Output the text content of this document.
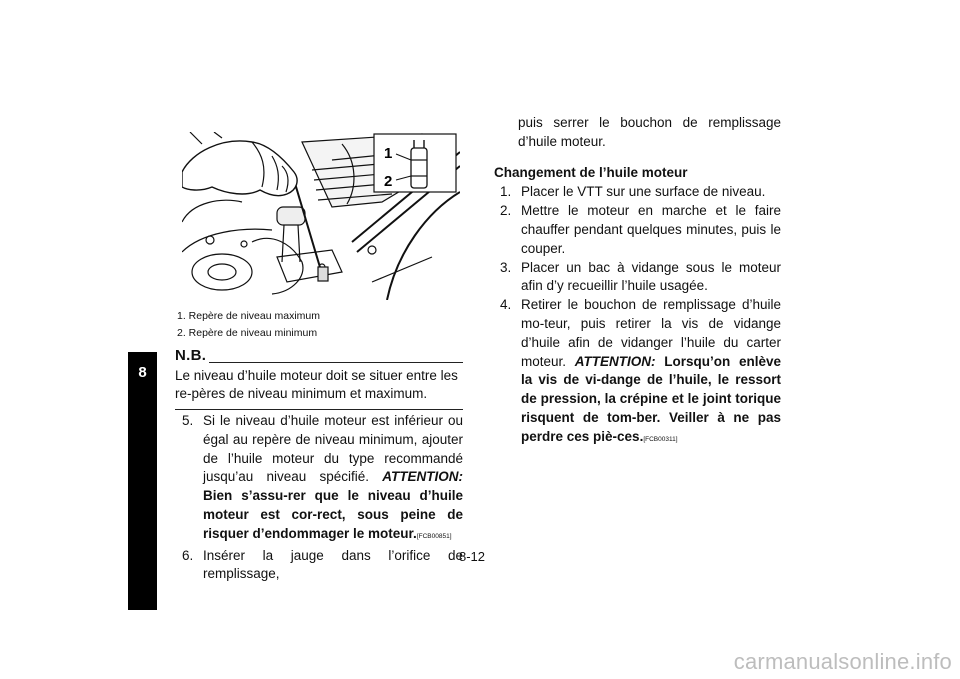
8
1
2
1. Repère de niveau maximum
2. Repère de niveau minimum
N.B.
Le niveau d’huile moteur doit se situer entre les re-pères de niveau minimum et maximum.
5. Si le niveau d’huile moteur est inférieur ou égal au repère de niveau minimum, ajouter de l’huile moteur du type recommandé jusqu’au niveau spécifié. ATTENTION: Bien s’assu-rer que le niveau d’huile moteur est cor-rect, sous peine de risquer d’endommager le moteur.[FCB00851]
6. Insérer la jauge dans l’orifice de remplissage,
puis serrer le bouchon de remplissage d’huile moteur.
Changement de l’huile moteur
1. Placer le VTT sur une surface de niveau.
2. Mettre le moteur en marche et le faire chauffer pendant quelques minutes, puis le couper.
3. Placer un bac à vidange sous le moteur afin d’y recueillir l’huile usagée.
4. Retirer le bouchon de remplissage d’huile mo-teur, puis retirer la vis de vidange d’huile afin de vidanger l’huile du carter moteur. ATTENTION: Lorsqu’on enlève la vis de vi-dange de l’huile, le ressort de pression, la crépine et le joint torique risquent de tom-ber. Veiller à ne pas perdre ces piè-ces.[FCB00311]
8-12
carmanualsonline.info
